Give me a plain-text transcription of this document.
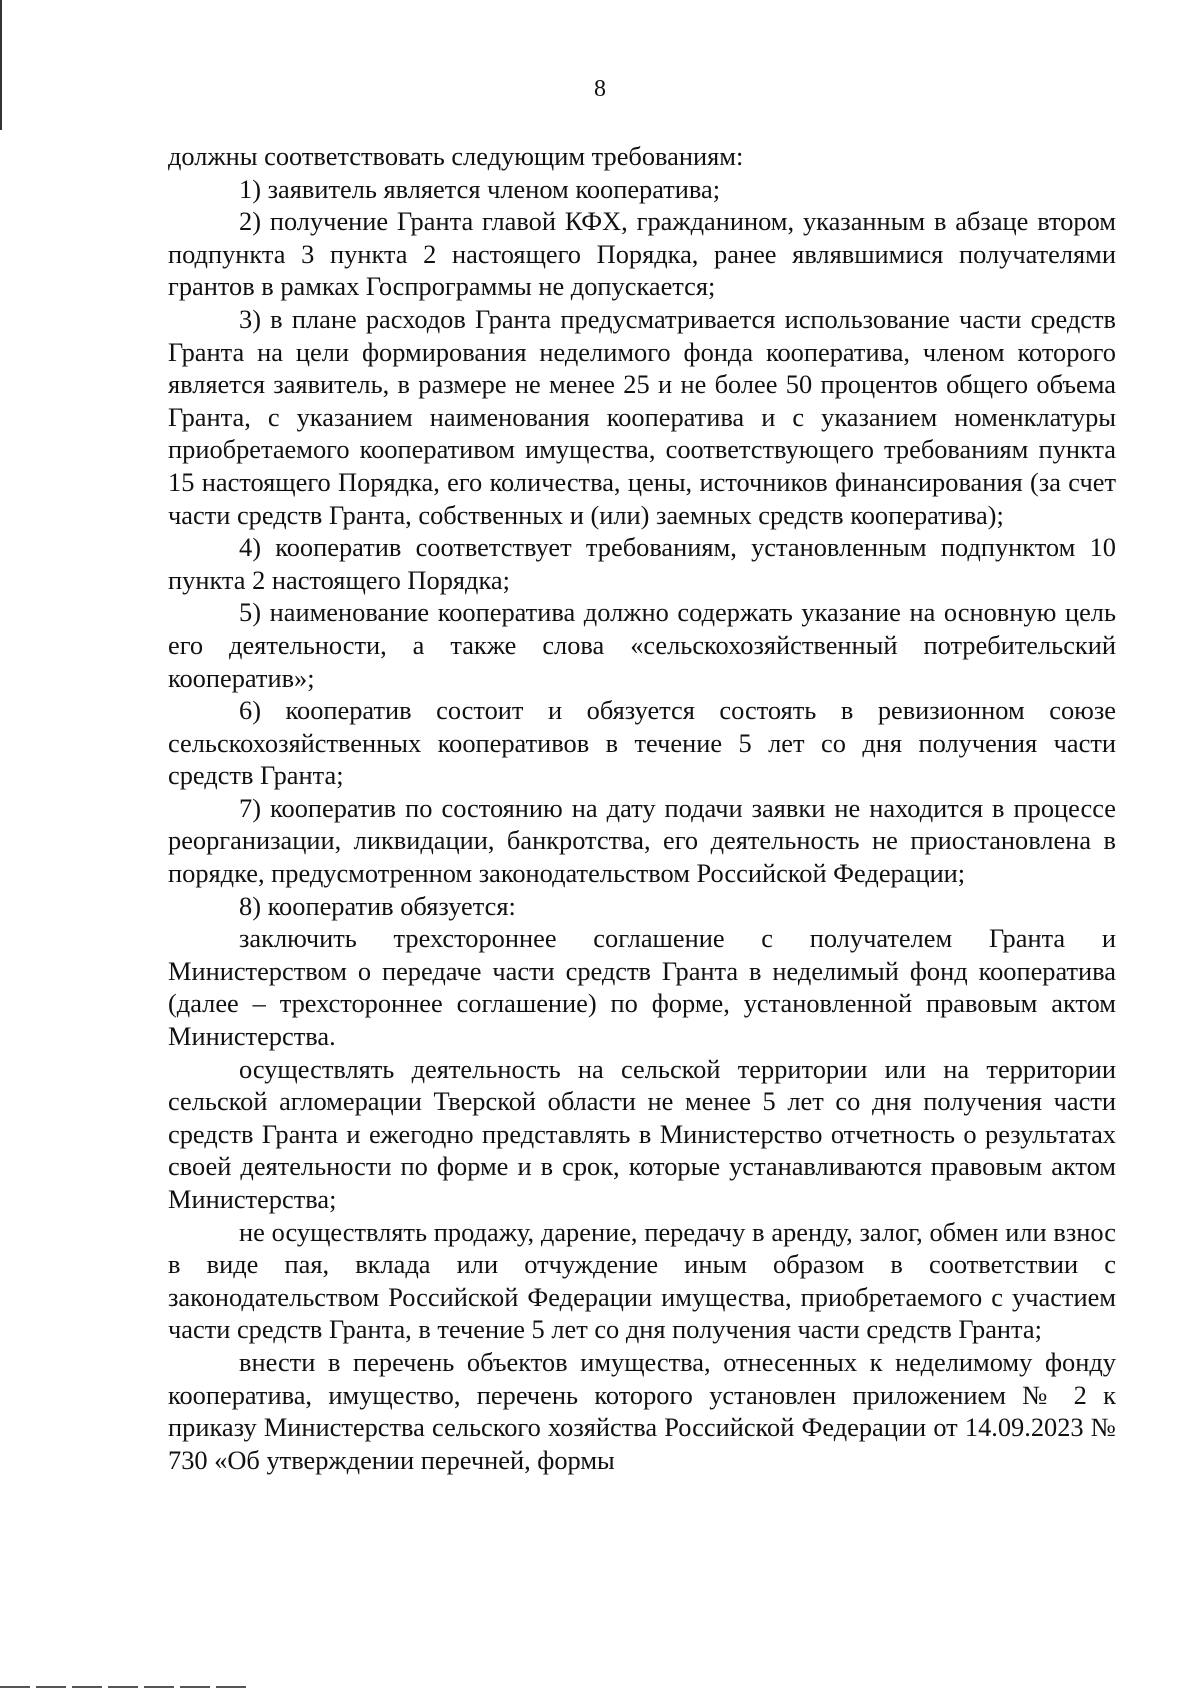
8

должны соответствовать следующим требованиям:

1) заявитель является членом кооператива;

2) получение Гранта главой КФХ, гражданином, указанным в абзаце втором подпункта 3 пункта 2 настоящего Порядка, ранее являвшимися получателями грантов в рамках Госпрограммы не допускается;

3) в плане расходов Гранта предусматривается использование части средств Гранта на цели формирования неделимого фонда кооператива, членом которого является заявитель, в размере не менее 25 и не более 50 процентов общего объема Гранта, с указанием наименования кооператива и с указанием номенклатуры приобретаемого кооперативом имущества, соответствующего требованиям пункта 15 настоящего Порядка, его количества, цены, источников финансирования (за счет части средств Гранта, собственных и (или) заемных средств кооператива);

4) кооператив соответствует требованиям, установленным подпунктом 10 пункта 2 настоящего Порядка;

5) наименование кооператива должно содержать указание на основную цель его деятельности, а также слова «сельскохозяйственный потребительский кооператив»;

6) кооператив состоит и обязуется состоять в ревизионном союзе сельскохозяйственных кооперативов в течение 5 лет со дня получения части средств Гранта;

7) кооператив по состоянию на дату подачи заявки не находится в процессе реорганизации, ликвидации, банкротства, его деятельность не приостановлена в порядке, предусмотренном законодательством Российской Федерации;

8) кооператив обязуется:

заключить трехстороннее соглашение с получателем Гранта и Министерством о передаче части средств Гранта в неделимый фонд кооператива (далее – трехстороннее соглашение) по форме, установленной правовым актом Министерства.

осуществлять деятельность на сельской территории или на территории сельской агломерации Тверской области не менее 5 лет со дня получения части средств Гранта и ежегодно представлять в Министерство отчетность о результатах своей деятельности по форме и в срок, которые устанавливаются правовым актом Министерства;

не осуществлять продажу, дарение, передачу в аренду, залог, обмен или взнос в виде пая, вклада или отчуждение иным образом в соответствии с законодательством Российской Федерации имущества, приобретаемого с участием части средств Гранта, в течение 5 лет со дня получения части средств Гранта;

внести в перечень объектов имущества, отнесенных к неделимому фонду кооператива, имущество, перечень которого установлен приложением № 2 к приказу Министерства сельского хозяйства Российской Федерации от 14.09.2023 № 730 «Об утверждении перечней, формы
